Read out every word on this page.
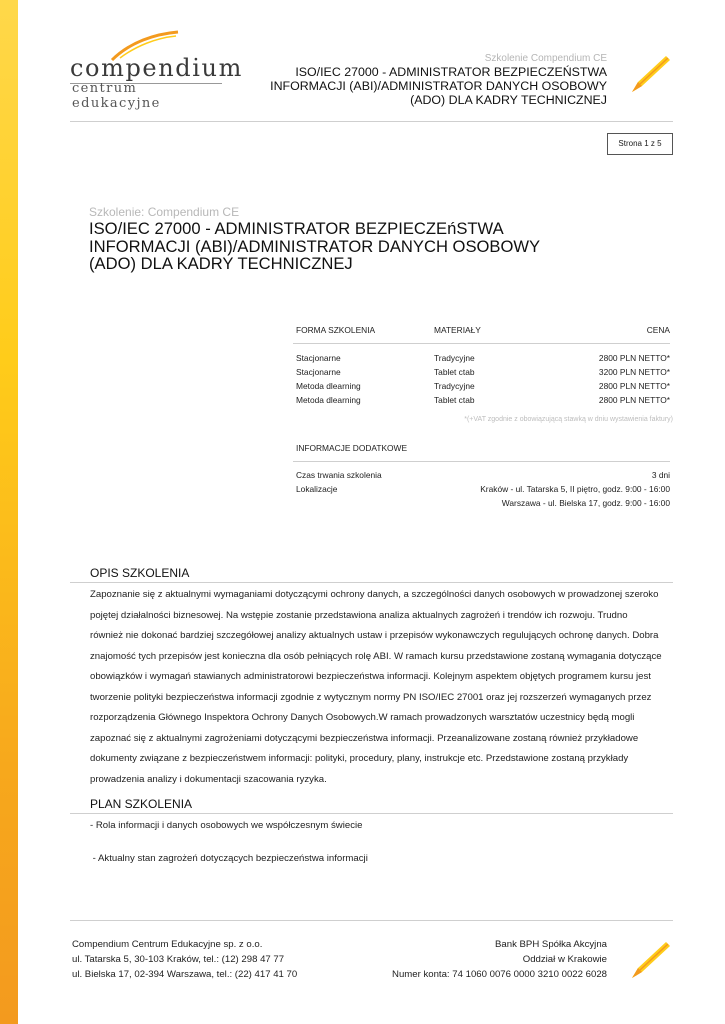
compendium
centrum edukacyjne
Szkolenie Compendium CE
ISO/IEC 27000 - ADMINISTRATOR BEZPIECZEŃSTWA
INFORMACJI (ABI)/ADMINISTRATOR DANYCH OSOBOWY
(ADO) DLA KADRY TECHNICZNEJ
Strona 1 z 5
Szkolenie: Compendium CE
ISO/IEC 27000 - ADMINISTRATOR BEZPIECZEńSTWA
INFORMACJI (ABI)/ADMINISTRATOR DANYCH OSOBOWY
(ADO) DLA KADRY TECHNICZNEJ
FORMA SZKOLENIA	MATERIAŁY	CENA
Stacjonarne	Tradycyjne	2800 PLN NETTO*
Stacjonarne	Tablet ctab	3200 PLN NETTO*
Metoda dlearning	Tradycyjne	2800 PLN NETTO*
Metoda dlearning	Tablet ctab	2800 PLN NETTO*
*(+VAT zgodnie z obowiązującą stawką w dniu wystawienia faktury)
INFORMACJE DODATKOWE
Czas trwania szkolenia	3 dni
Lokalizacje	Kraków - ul. Tatarska 5, II piętro, godz. 9:00 - 16:00
Warszawa - ul. Bielska 17, godz. 9:00 - 16:00
OPIS SZKOLENIA
Zapoznanie się z aktualnymi wymaganiami dotyczącymi ochrony danych, a szczególności danych osobowych w prowadzonej szeroko
pojętej działalności biznesowej. Na wstępie zostanie przedstawiona analiza aktualnych zagrożeń i trendów ich rozwoju. Trudno
również nie dokonać bardziej szczegółowej analizy aktualnych ustaw i przepisów wykonawczych regulujących ochronę danych. Dobra
znajomość tych przepisów jest konieczna dla osób pełniących rolę ABI. W ramach kursu przedstawione zostaną wymagania dotyczące
obowiązków i wymagań stawianych administratorowi bezpieczeństwa informacji. Kolejnym aspektem objętych programem kursu jest
tworzenie polityki bezpieczeństwa informacji zgodnie z wytycznym normy PN ISO/IEC 27001 oraz jej rozszerzeń wymaganych przez
rozporządzenia Głównego Inspektora Ochrony Danych Osobowych.W ramach prowadzonych warsztatów uczestnicy będą mogli
zapoznać się z aktualnymi zagrożeniami dotyczącymi bezpieczeństwa informacji. Przeanalizowane zostaną również przykładowe
dokumenty związane z bezpieczeństwem informacji: polityki, procedury, plany, instrukcje etc. Przedstawione zostaną przykłady
prowadzenia analizy i dokumentacji szacowania ryzyka.
PLAN SZKOLENIA
- Rola informacji i danych osobowych we współczesnym świecie
- Aktualny stan zagrożeń dotyczących bezpieczeństwa informacji
Compendium Centrum Edukacyjne sp. z o.o.
ul. Tatarska 5, 30-103 Kraków, tel.: (12) 298 47 77
ul. Bielska 17, 02-394 Warszawa, tel.: (22) 417 41 70
Bank BPH Spółka Akcyjna
Oddział w Krakowie
Numer konta: 74 1060 0076 0000 3210 0022 6028
